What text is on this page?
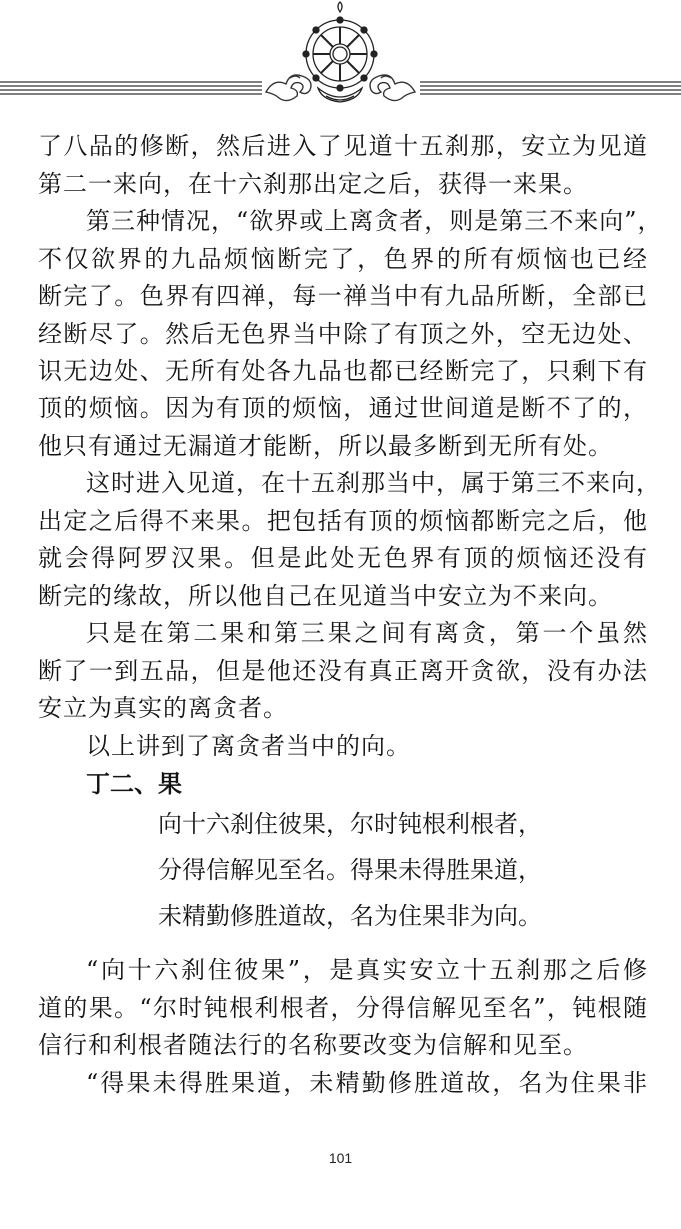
了八品的修断，然后进入了见道十五刹那，安立为见道
第二一来向，在十六刹那出定之后，获得一来果。
第三种情况，“欲界或上离贪者，则是第三不来向”，
不仅欲界的九品烦恼断完了，色界的所有烦恼也已经
断完了。色界有四禅，每一禅当中有九品所断，全部已
经断尽了。然后无色界当中除了有顶之外，空无边处、
识无边处、无所有处各九品也都已经断完了，只剩下有
顶的烦恼。因为有顶的烦恼，通过世间道是断不了的，
他只有通过无漏道才能断，所以最多断到无所有处。
这时进入见道，在十五刹那当中，属于第三不来向，
出定之后得不来果。把包括有顶的烦恼都断完之后，他
就会得阿罗汉果。但是此处无色界有顶的烦恼还没有
断完的缘故，所以他自己在见道当中安立为不来向。
只是在第二果和第三果之间有离贪，第一个虽然
断了一到五品，但是他还没有真正离开贪欲，没有办法
安立为真实的离贪者。
以上讲到了离贪者当中的向。
丁二、果
向十六刹住彼果，尔时钝根利根者，
分得信解见至名。得果未得胜果道，
未精勤修胜道故，名为住果非为向。
“向十六刹住彼果”，是真实安立十五刹那之后修
道的果。“尔时钝根利根者，分得信解见至名”，钝根随
信行和利根者随法行的名称要改变为信解和见至。
“得果未得胜果道，未精勤修胜道故，名为住果非
101
